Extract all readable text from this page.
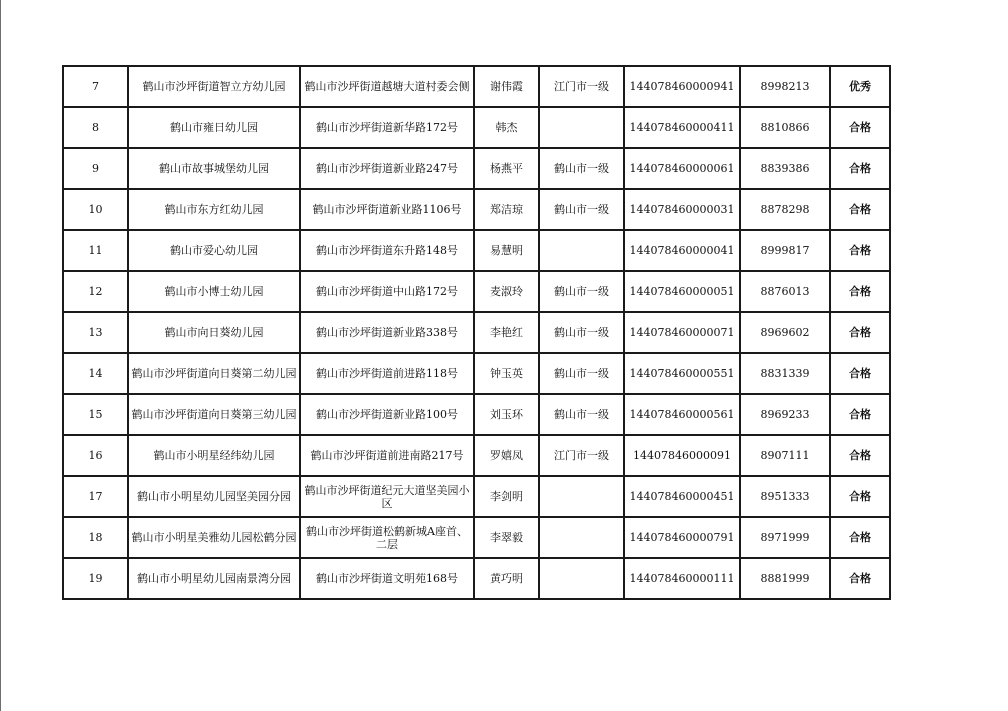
7	鹤山市沙坪街道智立方幼儿园	鹤山市沙坪街道越塘大道村委会侧	谢伟霞	江门市一级	144078460000941	8998213	优秀
8	鹤山市雍日幼儿园	鹤山市沙坪街道新华路172号	韩杰		144078460000411	8810866	合格
9	鹤山市故事城堡幼儿园	鹤山市沙坪街道新业路247号	杨燕平	鹤山市一级	144078460000061	8839386	合格
10	鹤山市东方红幼儿园	鹤山市沙坪街道新业路1106号	郑洁琼	鹤山市一级	144078460000031	8878298	合格
11	鹤山市爱心幼儿园	鹤山市沙坪街道东升路148号	易慧明		144078460000041	8999817	合格
12	鹤山市小博士幼儿园	鹤山市沙坪街道中山路172号	麦淑玲	鹤山市一级	144078460000051	8876013	合格
13	鹤山市向日葵幼儿园	鹤山市沙坪街道新业路338号	李艳红	鹤山市一级	144078460000071	8969602	合格
14	鹤山市沙坪街道向日葵第二幼儿园	鹤山市沙坪街道前进路118号	钟玉英	鹤山市一级	144078460000551	8831339	合格
15	鹤山市沙坪街道向日葵第三幼儿园	鹤山市沙坪街道新业路100号	刘玉环	鹤山市一级	144078460000561	8969233	合格
16	鹤山市小明星经纬幼儿园	鹤山市沙坪街道前进南路217号	罗嬉凤	江门市一级	14407846000091	8907111	合格
17	鹤山市小明星幼儿园坚美园分园	鹤山市沙坪街道纪元大道坚美园小区	李剑明		144078460000451	8951333	合格
18	鹤山市小明星美雅幼儿园松鹤分园	鹤山市沙坪街道松鹤新城A座首、二层	李翠毅		144078460000791	8971999	合格
19	鹤山市小明星幼儿园南景湾分园	鹤山市沙坪街道文明苑168号	黄巧明		144078460000111	8881999	合格
